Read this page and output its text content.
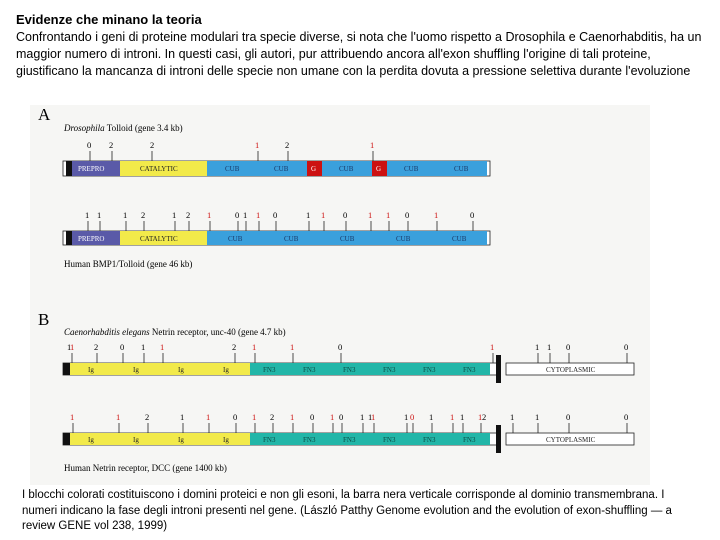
Evidenze che minano la teoria
Confrontando i geni di proteine modulari tra specie diverse, si nota che l'uomo rispetto a Drosophila e Caenorhabditis, ha un maggior numero di introni. In questi casi, gli autori, pur attribuendo ancora all'exon shuffling l'origine di tali proteine, giustificano la mancanza di introni delle specie non umane con la perdita dovuta a pressione selettiva durante l'evoluzione
A
Drosophila Tolloid (gene 3.4 kb)
0 2	2	1	2	1
PREPRO	CATALYTIC	CUB	CUB	G	CUB	G	CUB	CUB
1 1	1 2	1 2 1	0 1 1 0	1 1 0 1 1 0	1	0
PREPRO	CATALYTIC	CUB	CUB	CUB	CUB	CUB
Human BMP1/Tolloid (gene 46 kb)
B
Caenorhabditis elegans Netrin receptor, unc-40 (gene 4.7 kb)
1
1 2	0 1 1	2 1	1	0	1	1 1 0	0
Ig	Ig	Ig	Ig	FN3	FN3	FN3	FN3	FN3	FN3	CYTOPLASMIC
1	1	2	1	1	0 1 2 1 0 1 0 1 1
1	0
1 1 1 1 2
1	1 1	0	0
Ig	Ig	Ig	Ig	FN3	FN3	FN3	FN3	FN3	FN3	CYTOPLASMIC
Human Netrin receptor, DCC (gene 1400 kb)
I blocchi colorati costituiscono i domini proteici e non gli esoni, la barra nera verticale corrisponde al dominio transmembrana. I numeri indicano la fase degli introni presenti nel gene. (László Patthy Genome evolution and the evolution of exon-shuffling — a review GENE vol 238, 1999)
